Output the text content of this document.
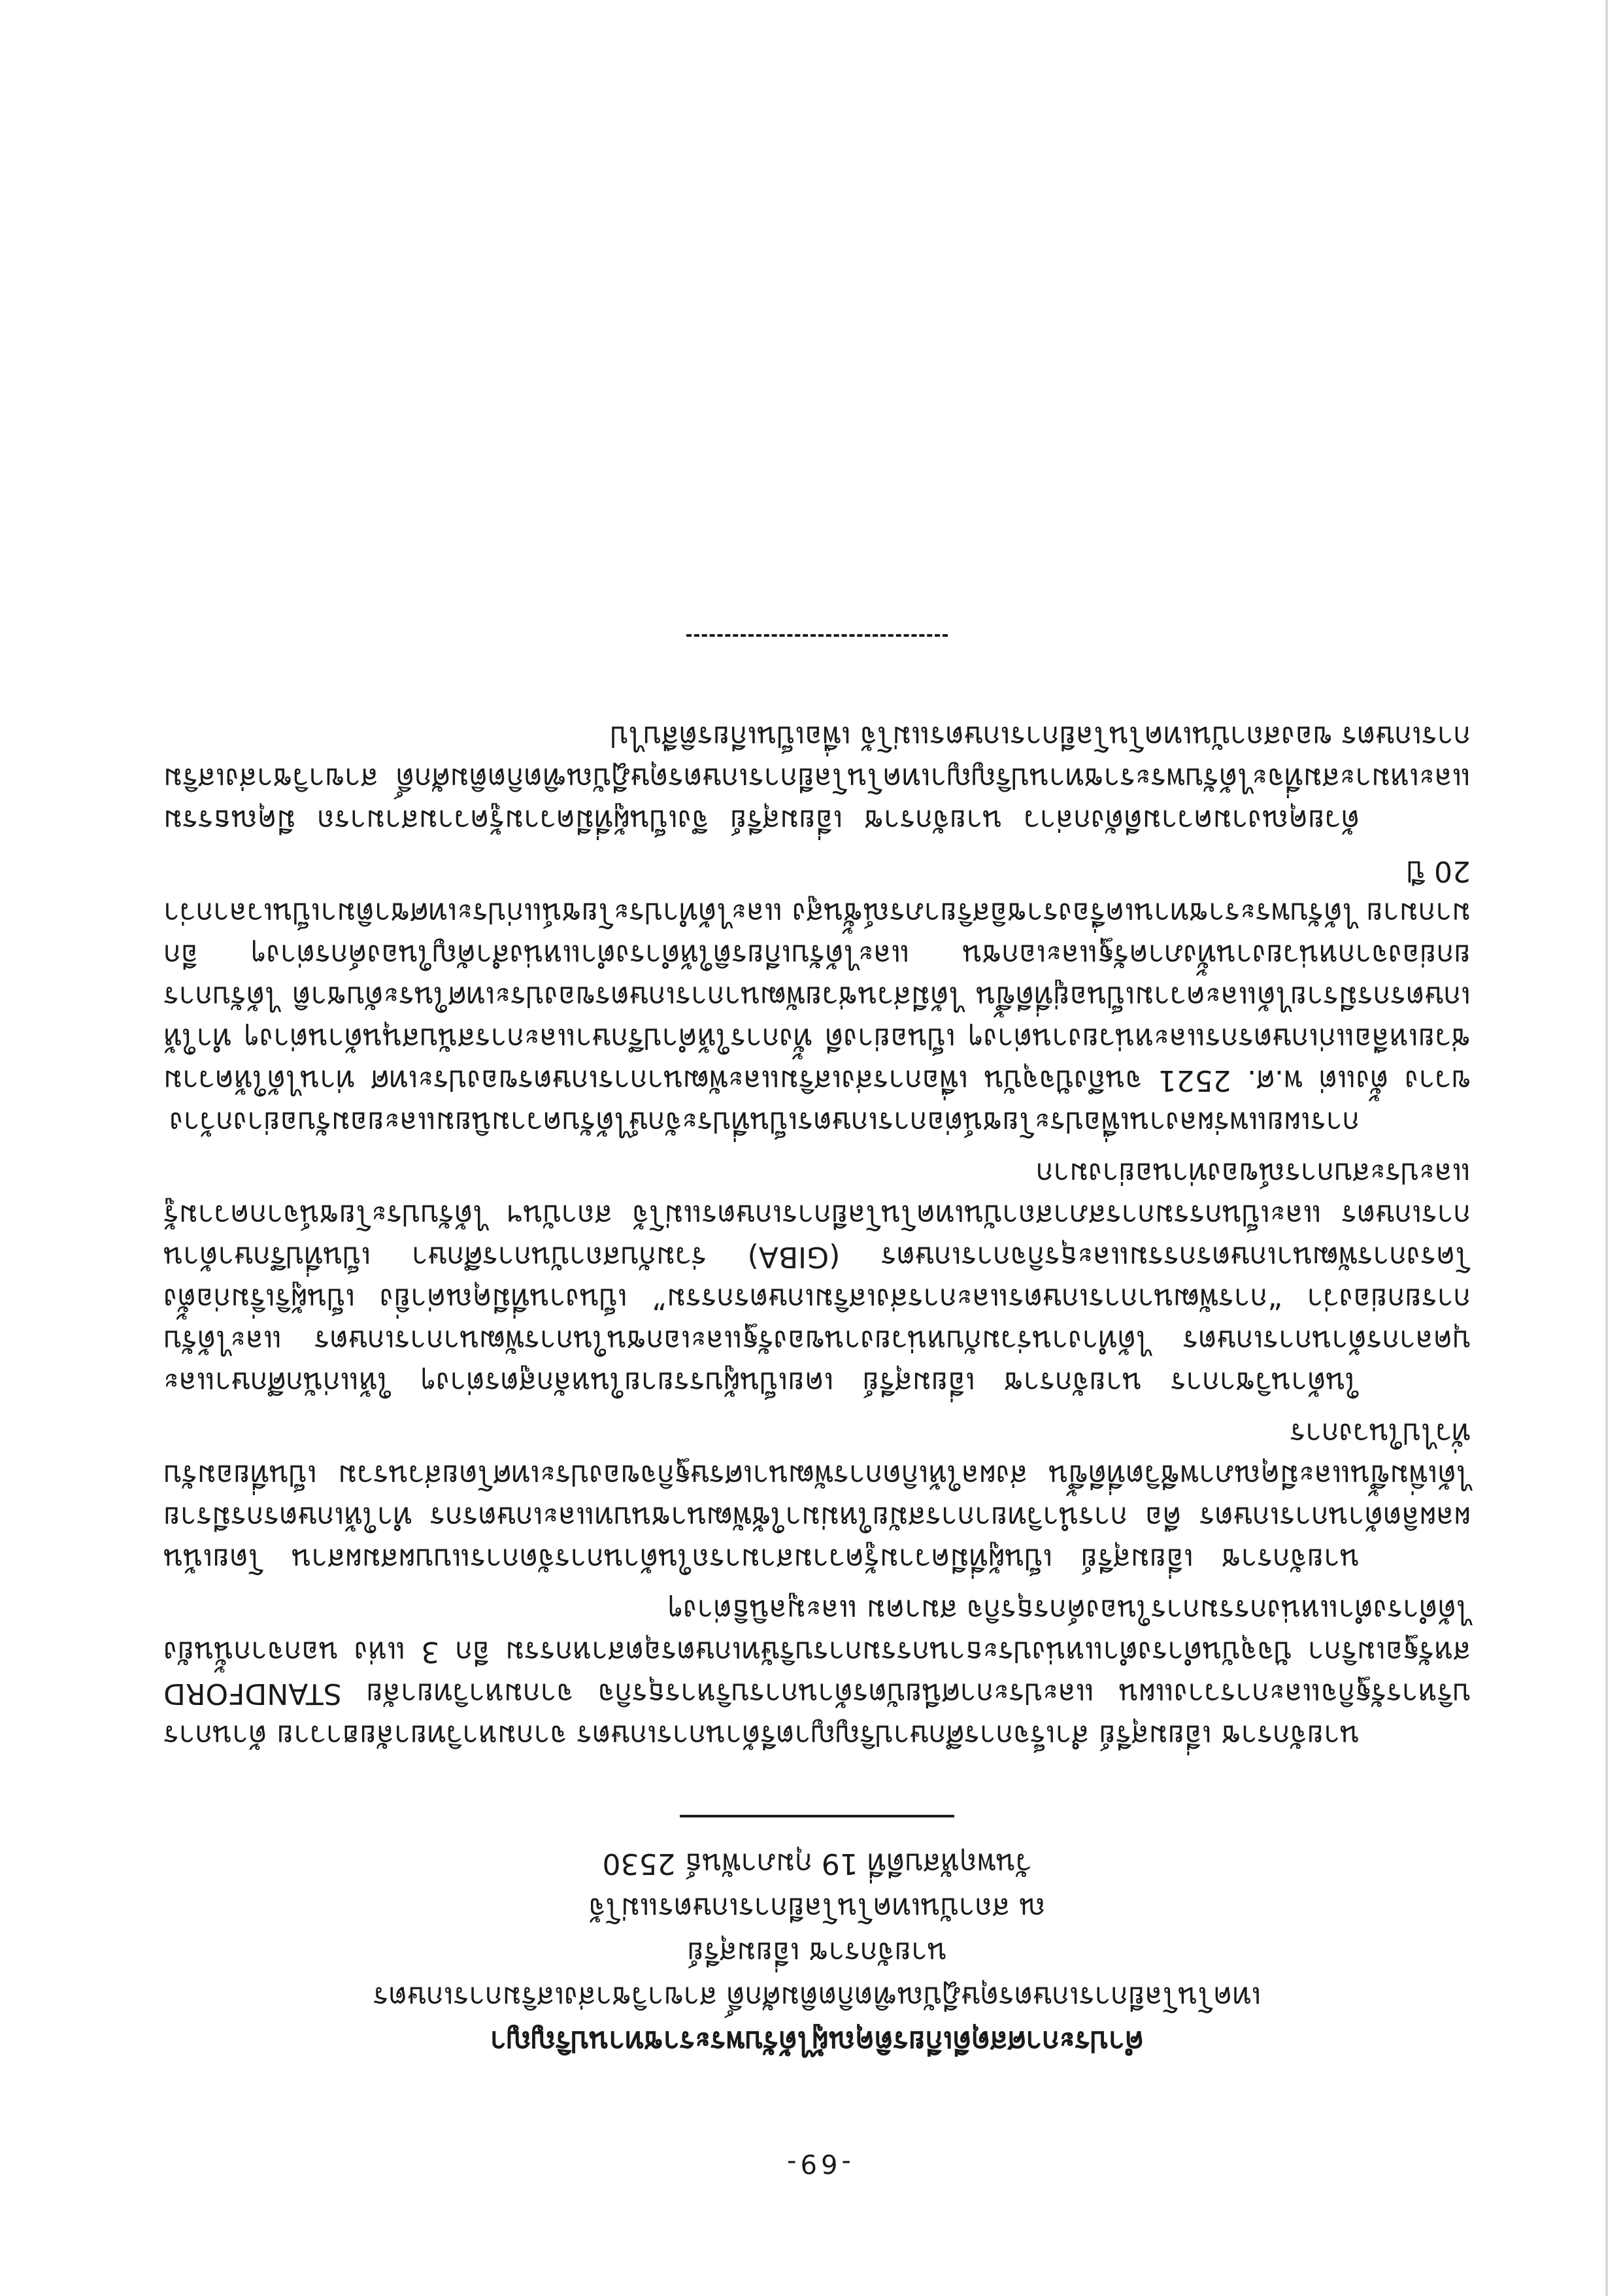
-69-
คำประกาศสดุดีเกียรติคุณผู้ได้รับพระราชทานปริญญา
เทคโนโลยีการเกษตรดุษฎีบัณฑิตกิตติมศักดิ์ สาขาวิชาส่งเสริมการเกษตร
นายจักราช เอี่ยมสุรีย์
ณ สถาบันเทคโนโลยีการเกษตรแม่โจ้
วันพฤหัสบดีที่ 19 กุมภาพันธ์ 2530

นายจักราช เอี่ยมสุรีย์ สำเร็จการศึกษาปริญญาตรีด้านการเกษตร จากมหาวิทยาลัยฮาวาย ด้านการบริหารรัฐกิจและการวางแผน และประกาศนียบัตรด้านการบริหารธุรกิจ จากมหาวิทยาลัย STANDFORD สหรัฐอเมริกา ปัจจุบันดำรงตำแหน่งประธานกรรมการบริษัทเกษตรอุตสาหกรรม อีก 3 แห่ง นอกจากนั้นยังได้ดำรงตำแหน่งกรรมการในองค์กรธุรกิจ สมาคม และมูลนิธิต่างๆ

นายจักราช เอี่ยมสุรีย์ เป็นผู้ที่มีความรู้ความสามารถในด้านการจัดการแบบผสมผสาน โดยเน้นผลผลิตด้านการเกษตร คือ การนำวิทยาการสมัยใหม่มาใช้พัฒนาชนบทและเกษตรกร ทำให้เกษตรกรมีรายได้เพิ่มขึ้นและมีคุณภาพชีวิตที่ดีขึ้น ส่งผลให้เกิดการพัฒนาเศรษฐกิจของประเทศโดยส่วนรวม เป็นที่ยอมรับทั่วไปในวงการ

ในด้านวิชาการ นายจักราช เอี่ยมสุรีย์ เคยเป็นผู้บรรยายในหลักสูตรต่างๆ ให้แก่นักศึกษาและบุคลากรด้านการเกษตร ได้ทำงานร่วมกับหน่วยงานของรัฐและเอกชนในการพัฒนาการเกษตร และได้รับการยกย่องว่า “การพัฒนาการเกษตรและการส่งเสริมเกษตรกรรม” เป็นงานที่มีคุณค่ายิ่ง เป็นผู้ริเริ่มก่อตั้งโครงการพัฒนาเกษตรกรรมและธุรกิจการเกษตร (GIBA) ร่วมกับสถาบันการศึกษา เป็นที่ปรึกษาด้านการเกษตร และเป็นกรรมการสภาสถาบันเทคโนโลยีการเกษตรแม่โจ้ สถาบันฯ ได้รับประโยชน์จากความรู้และประสบการณ์ของท่านอย่างมาก

การเผยแพร่ผลงานเพื่อประโยชน์ต่อการเกษตรเป็นที่ประจักษ์ได้รับความนิยมและยอมรับอย่างกว้างขวาง ตั้งแต่ พ.ศ. 2521 จนถึงปัจจุบัน เพื่อการส่งเสริมและพัฒนาการเกษตรของประเทศ ท่านได้ให้ความช่วยเหลือแก่เกษตรกรและหน่วยงานต่างๆ เป็นอย่างดี ทั้งการให้คำปรึกษาและการสนับสนุนด้านต่างๆ ทำให้เกษตรกรมีรายได้และความเป็นอยู่ที่ดีขึ้น ได้มีส่วนช่วยพัฒนาการเกษตรของประเทศในระดับชาติ ได้รับการยกย่องจากหน่วยงานทั้งภาครัฐและเอกชน และได้รับเกียรติให้ดำรงตำแหน่งสำคัญในองค์กรต่างๆ อีกมากมาย ได้รับพระราชทานเครื่องราชอิสริยาภรณ์ชั้นสูง และได้ทำประโยชน์แก่ประเทศชาติมาเป็นเวลากว่า 20 ปี

ด้วยคุณงามความดีดังกล่าว นายจักราช เอี่ยมสุรีย์ จึงเป็นผู้ที่มีความรู้ความสามารถ มีคุณธรรม และเหมาะสมที่จะได้รับพระราชทานปริญญาเทคโนโลยีการเกษตรดุษฎีบัณฑิตกิตติมศักดิ์ สาขาวิชาส่งเสริมการเกษตร ของสถาบันเทคโนโลยีการเกษตรแม่โจ้ เพื่อเป็นเกียรติสืบไป
